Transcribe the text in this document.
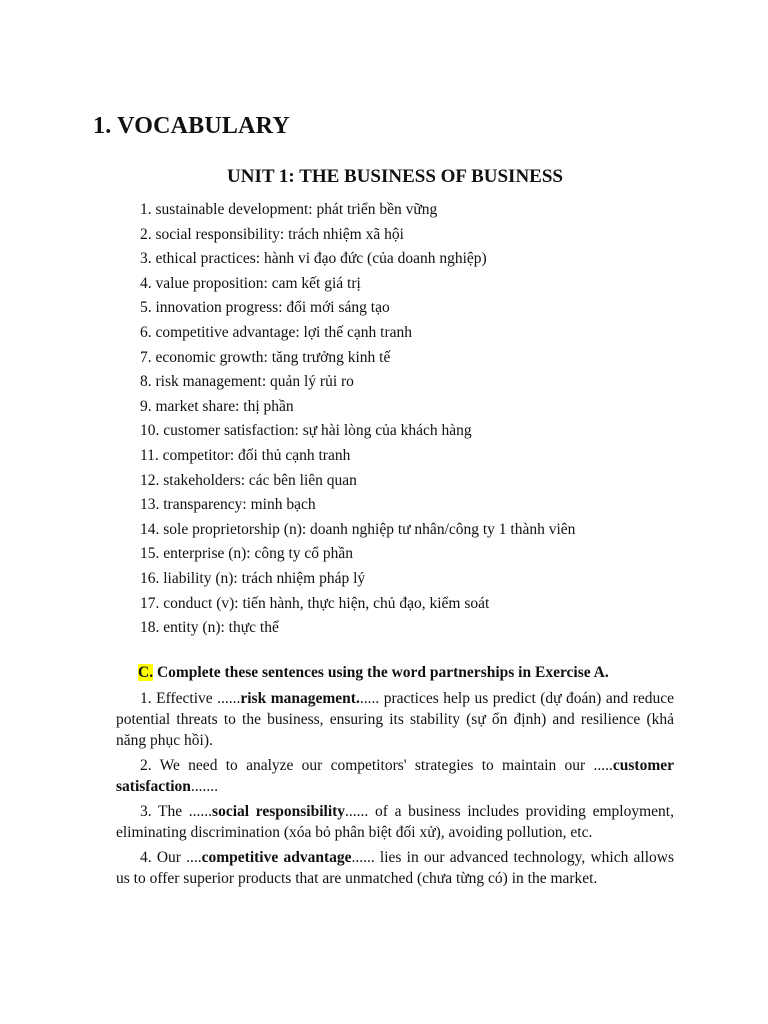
1. VOCABULARY
UNIT 1: THE BUSINESS OF BUSINESS
1. sustainable development: phát triển bền vững
2. social responsibility: trách nhiệm xã hội
3. ethical practices: hành vi đạo đức (của doanh nghiệp)
4. value proposition: cam kết giá trị
5. innovation progress: đổi mới sáng tạo
6. competitive advantage: lợi thế cạnh tranh
7. economic growth: tăng trưởng kinh tế
8. risk management: quản lý rủi ro
9. market share: thị phần
10. customer satisfaction: sự hài lòng của khách hàng
11. competitor: đối thủ cạnh tranh
12. stakeholders: các bên liên quan
13. transparency: minh bạch
14. sole proprietorship (n): doanh nghiệp tư nhân/công ty 1 thành viên
15. enterprise (n): công ty cổ phần
16. liability (n): trách nhiệm pháp lý
17. conduct (v): tiến hành, thực hiện, chủ đạo, kiểm soát
18. entity (n): thực thể

C. Complete these sentences using the word partnerships in Exercise A.

1. Effective ......risk management...... practices help us predict (dự đoán) and reduce potential threats to the business, ensuring its stability (sự ổn định) and resilience (khả năng phục hồi).

2. We need to analyze our competitors' strategies to maintain our .....customer satisfaction.......

3. The ......social responsibility...... of a business includes providing employment, eliminating discrimination (xóa bỏ phân biệt đối xử), avoiding pollution, etc.

4. Our ....competitive advantage...... lies in our advanced technology, which allows us to offer superior products that are unmatched (chưa từng có) in the market.
